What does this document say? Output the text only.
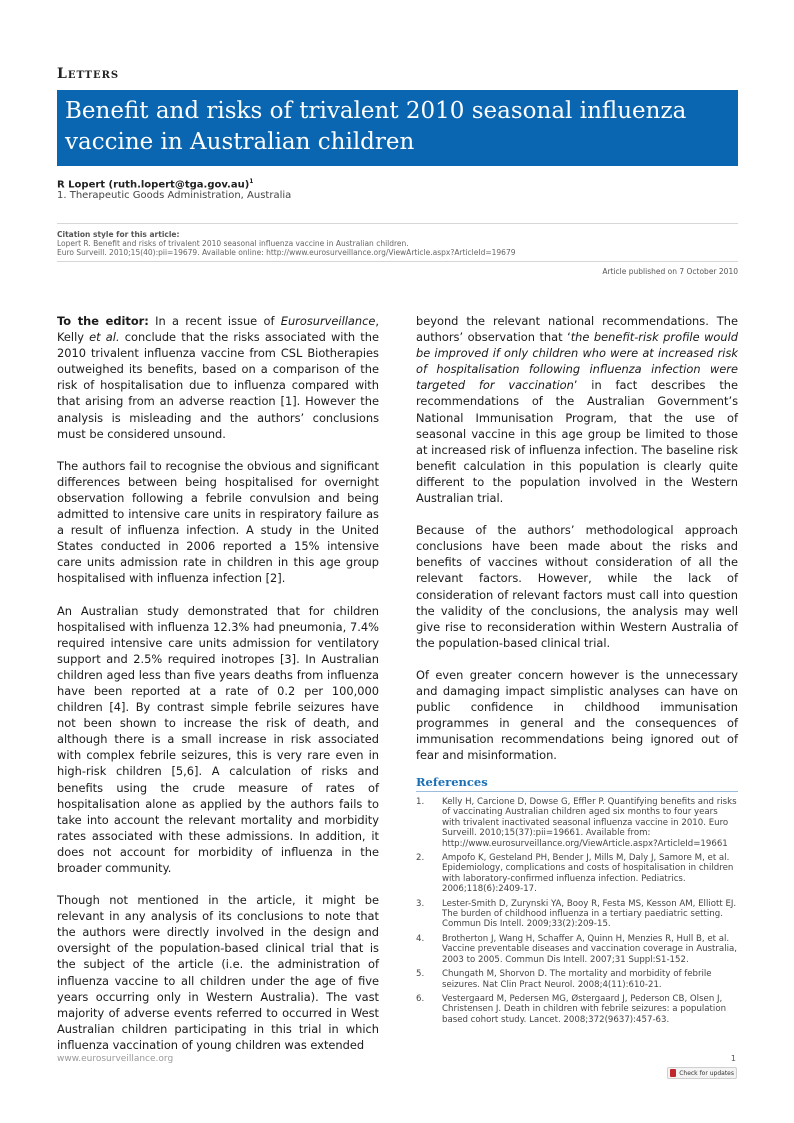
Letters
Benefit and risks of trivalent 2010 seasonal influenza vaccine in Australian children
R Lopert (ruth.lopert@tga.gov.au)$^1$
1. Therapeutic Goods Administration, Australia
Citation style for this article:
Lopert R. Benefit and risks of trivalent 2010 seasonal influenza vaccine in Australian children.
Euro Surveill. 2010;15(40):pii=19679. Available online: http://www.eurosurveillance.org/ViewArticle.aspx?ArticleId=19679
Article published on 7 October 2010

To the editor: In a recent issue of Eurosurveillance, Kelly et al. conclude that the risks associated with the 2010 trivalent influenza vaccine from CSL Biotherapies outweighed its benefits, based on a comparison of the risk of hospitalisation due to influenza compared with that arising from an adverse reaction [1]. However the analysis is misleading and the authors’ conclusions must be considered unsound.

The authors fail to recognise the obvious and significant differences between being hospitalised for overnight observation following a febrile convulsion and being admitted to intensive care units in respiratory failure as a result of influenza infection. A study in the United States conducted in 2006 reported a 15% intensive care units admission rate in children in this age group hospitalised with influenza infection [2].

An Australian study demonstrated that for children hospitalised with influenza 12.3% had pneumonia, 7.4% required intensive care units admission for ventilatory support and 2.5% required inotropes [3]. In Australian children aged less than five years deaths from influenza have been reported at a rate of 0.2 per 100,000 children [4]. By contrast simple febrile seizures have not been shown to increase the risk of death, and although there is a small increase in risk associated with complex febrile seizures, this is very rare even in high-risk children [5,6]. A calculation of risks and benefits using the crude measure of rates of hospitalisation alone as applied by the authors fails to take into account the relevant mortality and morbidity rates associated with these admissions. In addition, it does not account for morbidity of influenza in the broader community.

Though not mentioned in the article, it might be relevant in any analysis of its conclusions to note that the authors were directly involved in the design and oversight of the population-based clinical trial that is the subject of the article (i.e. the administration of influenza vaccine to all children under the age of five years occurring only in Western Australia). The vast majority of adverse events referred to occurred in West Australian children participating in this trial in which influenza vaccination of young children was extended

beyond the relevant national recommendations. The authors’ observation that ‘the benefit-risk profile would be improved if only children who were at increased risk of hospitalisation following influenza infection were targeted for vaccination’ in fact describes the recommendations of the Australian Government’s National Immunisation Program, that the use of seasonal vaccine in this age group be limited to those at increased risk of influenza infection. The baseline risk benefit calculation in this population is clearly quite different to the population involved in the Western Australian trial.

Because of the authors’ methodological approach conclusions have been made about the risks and benefits of vaccines without consideration of all the relevant factors. However, while the lack of consideration of relevant factors must call into question the validity of the conclusions, the analysis may well give rise to reconsideration within Western Australia of the population-based clinical trial.

Of even greater concern however is the unnecessary and damaging impact simplistic analyses can have on public confidence in childhood immunisation programmes in general and the consequences of immunisation recommendations being ignored out of fear and misinformation.

References
1. Kelly H, Carcione D, Dowse G, Effler P. Quantifying benefits and risks of vaccinating Australian children aged six months to four years with trivalent inactivated seasonal influenza vaccine in 2010. Euro Surveill. 2010;15(37):pii=19661. Available from: http://www.eurosurveillance.org/ViewArticle.aspx?ArticleId=19661
2. Ampofo K, Gesteland PH, Bender J, Mills M, Daly J, Samore M, et al. Epidemiology, complications and costs of hospitalisation in children with laboratory-confirmed influenza infection. Pediatrics. 2006;118(6):2409-17.
3. Lester-Smith D, Zurynski YA, Booy R, Festa MS, Kesson AM, Elliott EJ. The burden of childhood influenza in a tertiary paediatric setting. Commun Dis Intell. 2009;33(2):209-15.
4. Brotherton J, Wang H, Schaffer A, Quinn H, Menzies R, Hull B, et al. Vaccine preventable diseases and vaccination coverage in Australia, 2003 to 2005. Commun Dis Intell. 2007;31 Suppl:S1-152.
5. Chungath M, Shorvon D. The mortality and morbidity of febrile seizures. Nat Clin Pract Neurol. 2008;4(11):610-21.
6. Vestergaard M, Pedersen MG, Østergaard J, Pederson CB, Olsen J, Christensen J. Death in children with febrile seizures: a population based cohort study. Lancet. 2008;372(9637):457-63.
www.eurosurveillance.org	1
Check for updates
